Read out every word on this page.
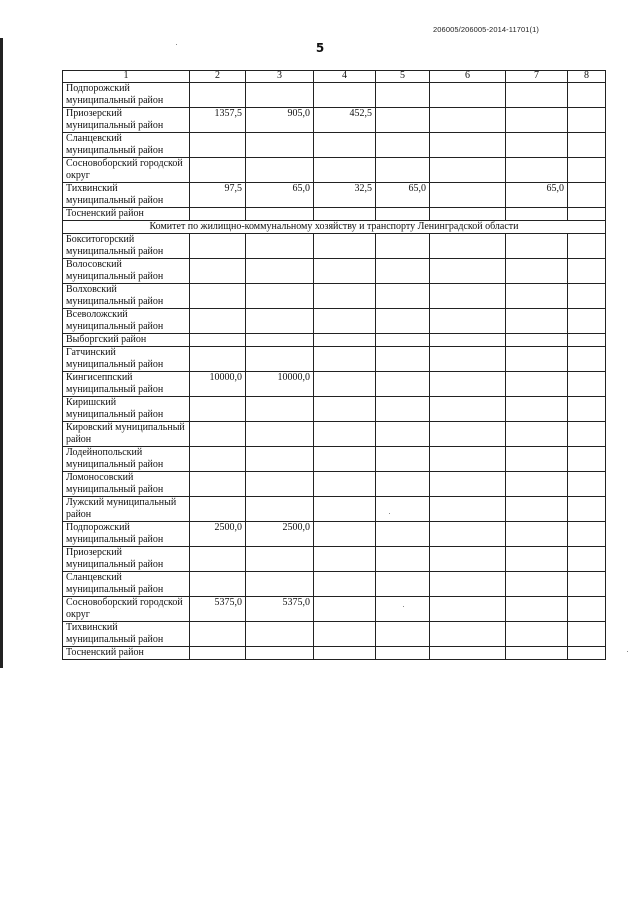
206005/206005-2014-11701(1)
5
1	2	3	4	5	6	7	8
Подпорожский муниципальный район							
Приозерский муниципальный район	1357,5	905,0	452,5				
Сланцевский муниципальный район							
Сосновоборский городской округ							
Тихвинский муниципальный район	97,5	65,0	32,5	65,0		65,0	
Тосненский район							
Комитет по жилищно-коммунальному хозяйству и транспорту Ленинградской области							
Бокситогорский муниципальный район							
Волосовский муниципальный район							
Волховский муниципальный район							
Всеволожский муниципальный район							
Выборгский район							
Гатчинский муниципальный район							
Кингисеппский муниципальный район	10000,0	10000,0					
Киришский муниципальный район							
Кировский муниципальный район							
Лодейнопольский муниципальный район							
Ломоносовский муниципальный район							
Лужский муниципальный район							
Подпорожский муниципальный район	2500,0	2500,0					
Приозерский муниципальный район							
Сланцевский муниципальный район							
Сосновоборский городской округ	5375,0	5375,0					
Тихвинский муниципальный район							
Тосненский район							
